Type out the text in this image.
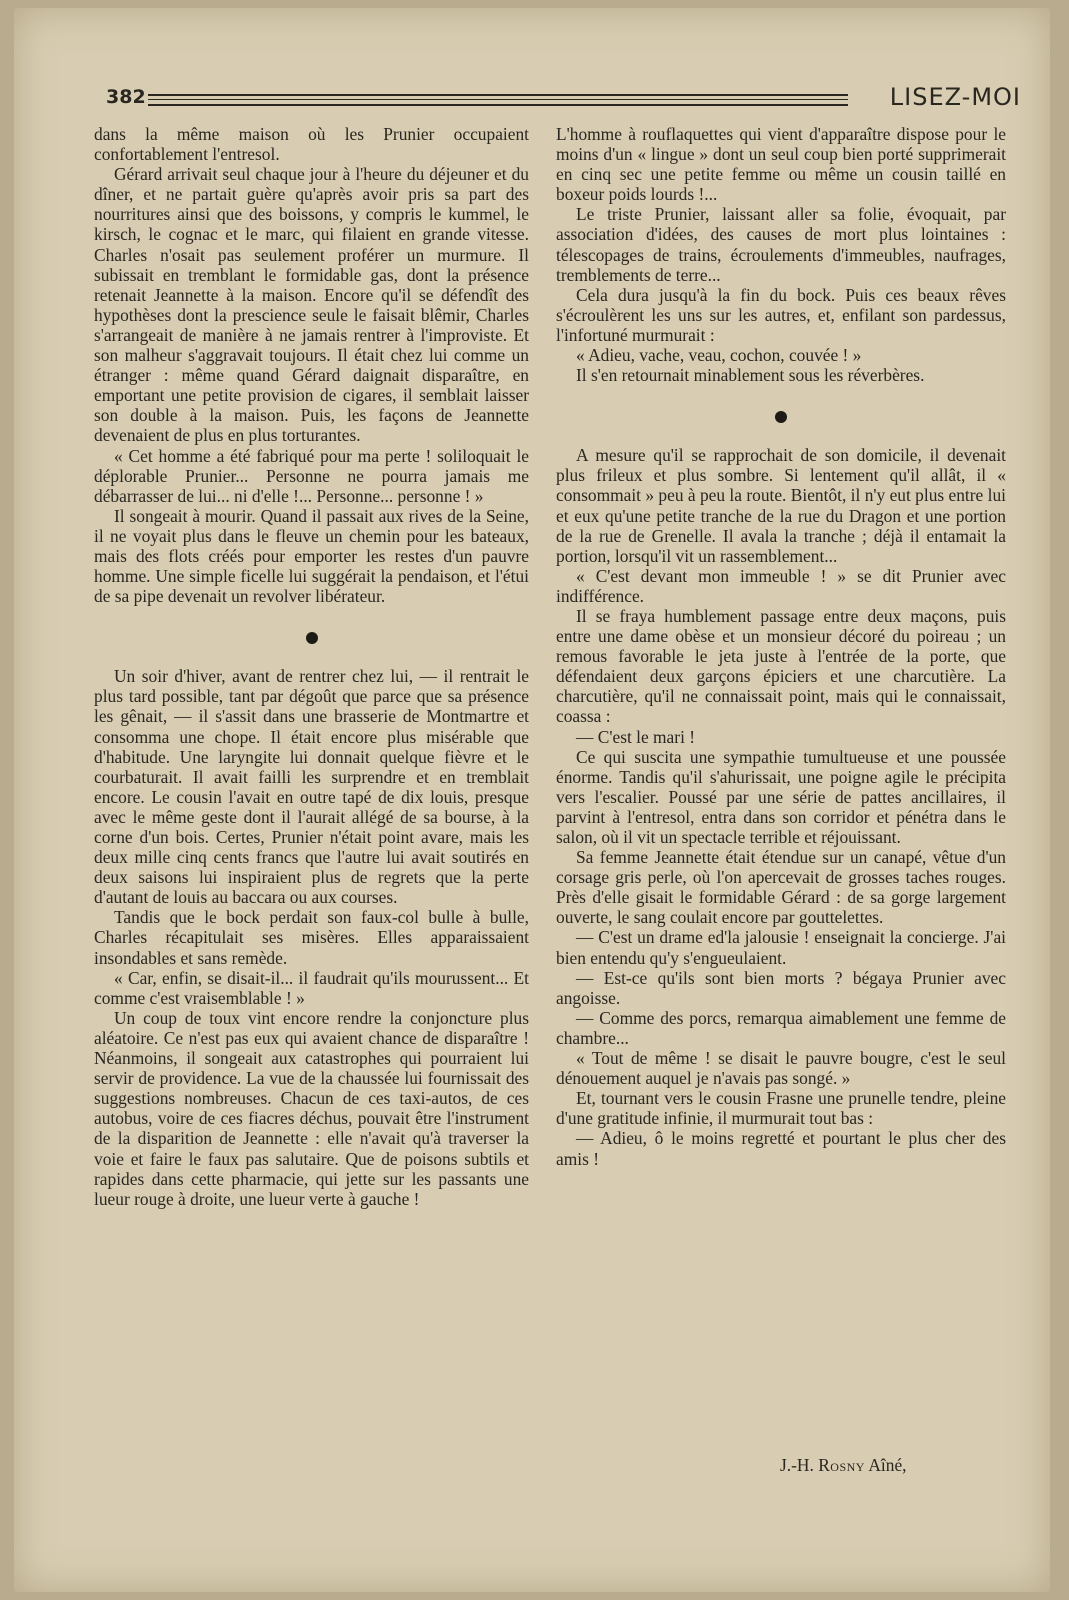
382	LISEZ-MOI

dans la même maison où les Prunier occupaient confortablement l'entresol.

Gérard arrivait seul chaque jour à l'heure du déjeuner et du dîner, et ne partait guère qu'après avoir pris sa part des nourritures ainsi que des boissons, y compris le kummel, le kirsch, le cognac et le marc, qui filaient en grande vitesse. Charles n'osait pas seulement proférer un murmure. Il subissait en tremblant le formidable gas, dont la présence retenait Jeannette à la maison. Encore qu'il se défendît des hypothèses dont la prescience seule le faisait blêmir, Charles s'arrangeait de manière à ne jamais rentrer à l'improviste. Et son malheur s'aggravait toujours. Il était chez lui comme un étranger : même quand Gérard daignait disparaître, en emportant une petite provision de cigares, il semblait laisser son double à la maison. Puis, les façons de Jeannette devenaient de plus en plus torturantes.

« Cet homme a été fabriqué pour ma perte ! soliloquait le déplorable Prunier... Personne ne pourra jamais me débarrasser de lui... ni d'elle !... Personne... personne ! »

Il songeait à mourir. Quand il passait aux rives de la Seine, il ne voyait plus dans le fleuve un chemin pour les bateaux, mais des flots créés pour emporter les restes d'un pauvre homme. Une simple ficelle lui suggérait la pendaison, et l'étui de sa pipe devenait un revolver libérateur.

Un soir d'hiver, avant de rentrer chez lui, — il rentrait le plus tard possible, tant par dégoût que parce que sa présence les gênait, — il s'assit dans une brasserie de Montmartre et consomma une chope. Il était encore plus misérable que d'habitude. Une laryngite lui donnait quelque fièvre et le courbaturait. Il avait failli les surprendre et en tremblait encore. Le cousin l'avait en outre tapé de dix louis, presque avec le même geste dont il l'aurait allégé de sa bourse, à la corne d'un bois. Certes, Prunier n'était point avare, mais les deux mille cinq cents francs que l'autre lui avait soutirés en deux saisons lui inspiraient plus de regrets que la perte d'autant de louis au baccara ou aux courses.

Tandis que le bock perdait son faux-col bulle à bulle, Charles récapitulait ses misères. Elles apparaissaient insondables et sans remède.

« Car, enfin, se disait-il... il faudrait qu'ils mourussent... Et comme c'est vraisemblable ! »

Un coup de toux vint encore rendre la conjoncture plus aléatoire. Ce n'est pas eux qui avaient chance de disparaître ! Néanmoins, il songeait aux catastrophes qui pourraient lui servir de providence. La vue de la chaussée lui fournissait des suggestions nombreuses. Chacun de ces taxi-autos, de ces autobus, voire de ces fiacres déchus, pouvait être l'instrument de la disparition de Jeannette : elle n'avait qu'à traverser la voie et faire le faux pas salutaire. Que de poisons subtils et rapides dans cette pharmacie, qui jette sur les passants une lueur rouge à droite, une lueur verte à gauche !

L'homme à rouflaquettes qui vient d'apparaître dispose pour le moins d'un « lingue » dont un seul coup bien porté supprimerait en cinq sec une petite femme ou même un cousin taillé en boxeur poids lourds !...

Le triste Prunier, laissant aller sa folie, évoquait, par association d'idées, des causes de mort plus lointaines : télescopages de trains, écroulements d'immeubles, naufrages, tremblements de terre...

Cela dura jusqu'à la fin du bock. Puis ces beaux rêves s'écroulèrent les uns sur les autres, et, enfilant son pardessus, l'infortuné murmurait :

« Adieu, vache, veau, cochon, couvée ! »

Il s'en retournait minablement sous les réverbères.

A mesure qu'il se rapprochait de son domicile, il devenait plus frileux et plus sombre. Si lentement qu'il allât, il « consommait » peu à peu la route. Bientôt, il n'y eut plus entre lui et eux qu'une petite tranche de la rue du Dragon et une portion de la rue de Grenelle. Il avala la tranche ; déjà il entamait la portion, lorsqu'il vit un rassemblement...

« C'est devant mon immeuble ! » se dit Prunier avec indifférence.

Il se fraya humblement passage entre deux maçons, puis entre une dame obèse et un monsieur décoré du poireau ; un remous favorable le jeta juste à l'entrée de la porte, que défendaient deux garçons épiciers et une charcutière. La charcutière, qu'il ne connaissait point, mais qui le connaissait, coassa :

— C'est le mari !

Ce qui suscita une sympathie tumultueuse et une poussée énorme. Tandis qu'il s'ahurissait, une poigne agile le précipita vers l'escalier. Poussé par une série de pattes ancillaires, il parvint à l'entresol, entra dans son corridor et pénétra dans le salon, où il vit un spectacle terrible et réjouissant.

Sa femme Jeannette était étendue sur un canapé, vêtue d'un corsage gris perle, où l'on apercevait de grosses taches rouges. Près d'elle gisait le formidable Gérard : de sa gorge largement ouverte, le sang coulait encore par gouttelettes.

— C'est un drame ed'la jalousie ! enseignait la concierge. J'ai bien entendu qu'y s'engueulaient.

— Est-ce qu'ils sont bien morts ? bégaya Prunier avec angoisse.

— Comme des porcs, remarqua aimablement une femme de chambre...

« Tout de même ! se disait le pauvre bougre, c'est le seul dénouement auquel je n'avais pas songé. »

Et, tournant vers le cousin Frasne une prunelle tendre, pleine d'une gratitude infinie, il murmurait tout bas :

— Adieu, ô le moins regretté et pourtant le plus cher des amis !

J.-H. Rosny Aîné,
